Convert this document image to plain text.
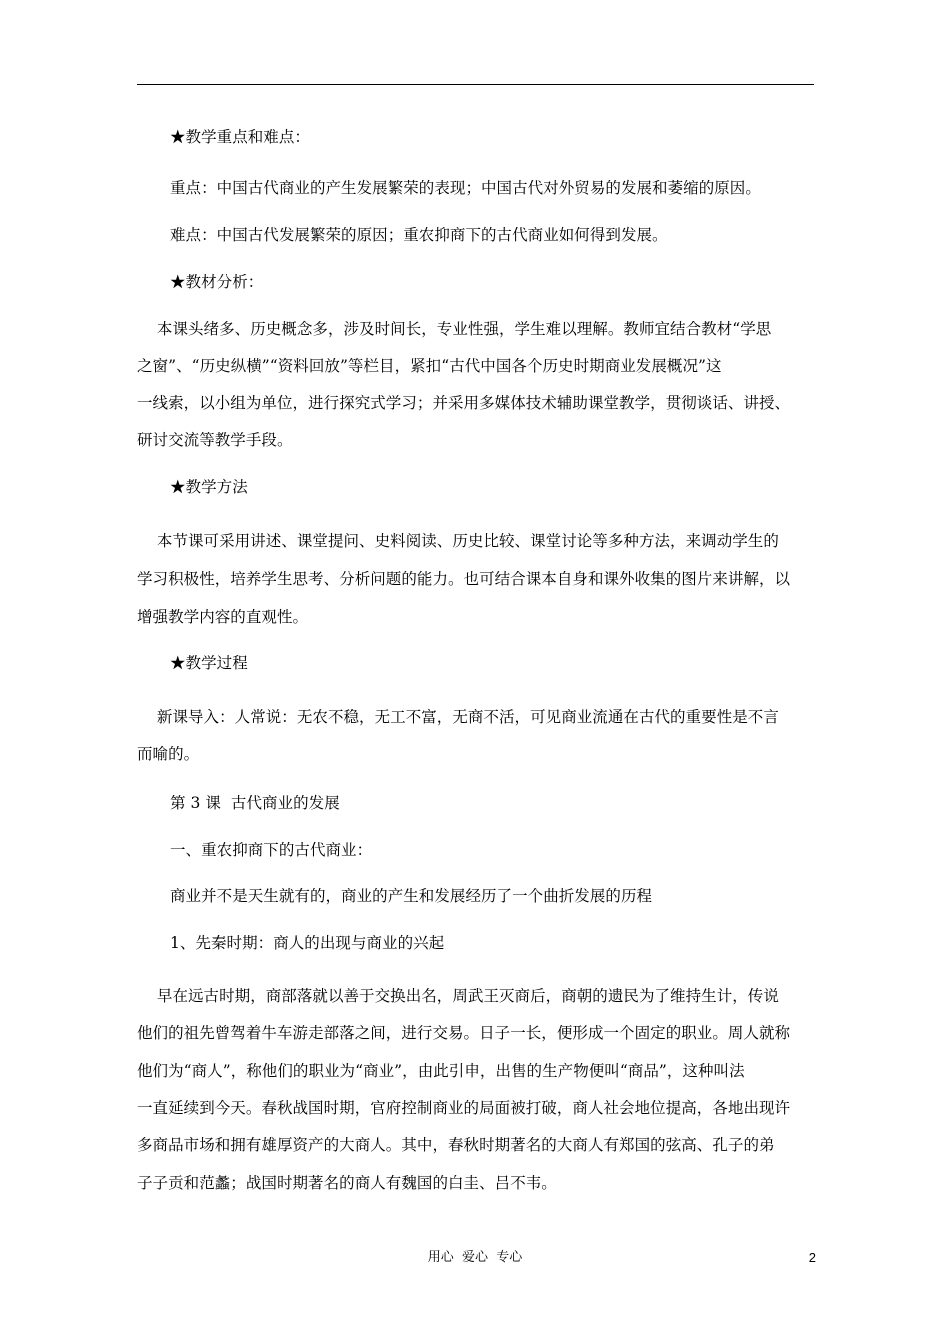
★教学重点和难点：
重点：中国古代商业的产生发展繁荣的表现；中国古代对外贸易的发展和萎缩的原因。
难点：中国古代发展繁荣的原因；重农抑商下的古代商业如何得到发展。
★教材分析：
本课头绪多、历史概念多，涉及时间长，专业性强，学生难以理解。教师宜结合教材“学思
之窗”、“历史纵横”“资料回放”等栏目，紧扣“古代中国各个历史时期商业发展概况”这
一线索，以小组为单位，进行探究式学习；并采用多媒体技术辅助课堂教学，贯彻谈话、讲授、
研讨交流等教学手段。
★教学方法
本节课可采用讲述、课堂提问、史料阅读、历史比较、课堂讨论等多种方法，来调动学生的
学习积极性，培养学生思考、分析问题的能力。也可结合课本自身和课外收集的图片来讲解，以
增强教学内容的直观性。
★教学过程
新课导入：人常说：无农不稳，无工不富，无商不活，可见商业流通在古代的重要性是不言
而喻的。
第 3 课  古代商业的发展
一、重农抑商下的古代商业：
商业并不是天生就有的，商业的产生和发展经历了一个曲折发展的历程
1、先秦时期：商人的出现与商业的兴起
早在远古时期，商部落就以善于交换出名，周武王灭商后，商朝的遗民为了维持生计，传说
他们的祖先曾驾着牛车游走部落之间，进行交易。日子一长，便形成一个固定的职业。周人就称
他们为“商人”，称他们的职业为“商业”，由此引申，出售的生产物便叫“商品”，这种叫法
一直延续到今天。春秋战国时期，官府控制商业的局面被打破，商人社会地位提高，各地出现许
多商品市场和拥有雄厚资产的大商人。其中，春秋时期著名的大商人有郑国的弦高、孔子的弟
子子贡和范蠡；战国时期著名的商人有魏国的白圭、吕不韦。
用心  爱心  专心	2
